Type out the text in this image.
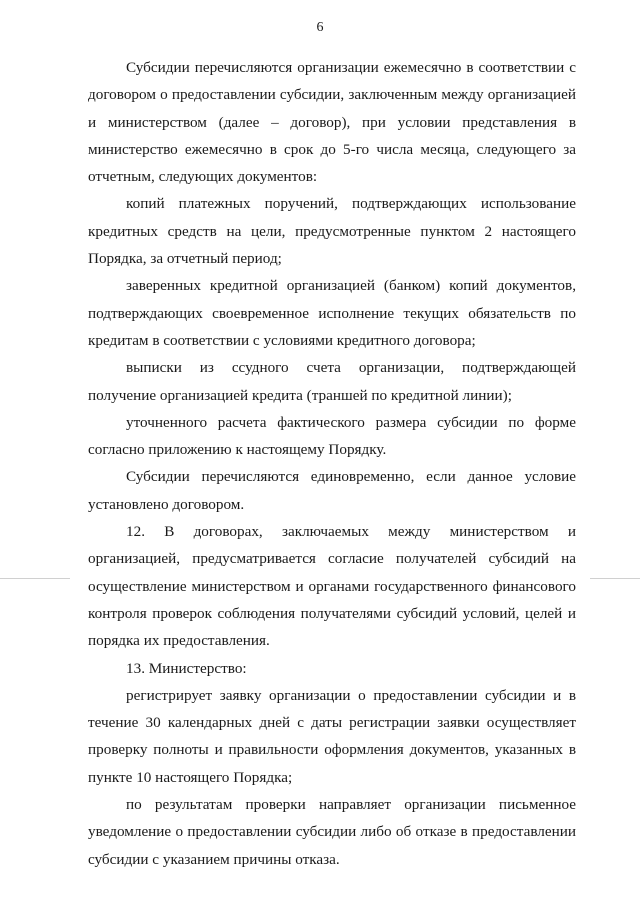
6

Субсидии перечисляются организации ежемесячно в соответствии с договором о предоставлении субсидии, заключенным между организацией и министерством (далее – договор), при условии представления в министерство ежемесячно в срок до 5-го числа месяца, следующего за отчетным, следующих документов:

копий платежных поручений, подтверждающих использование кредитных средств на цели, предусмотренные пунктом 2 настоящего Порядка, за отчетный период;

заверенных кредитной организацией (банком) копий документов, подтверждающих своевременное исполнение текущих обязательств по кредитам в соответствии с условиями кредитного договора;

выписки из ссудного счета организации, подтверждающей получение организацией кредита (траншей по кредитной линии);

уточненного расчета фактического размера субсидии по форме согласно приложению к настоящему Порядку.

Субсидии перечисляются единовременно, если данное условие установлено договором.

12. В договорах, заключаемых между министерством и организацией, предусматривается согласие получателей субсидий на осуществление министерством и органами государственного финансового контроля проверок соблюдения получателями субсидий условий, целей и порядка их предоставления.

13. Министерство:

регистрирует заявку организации о предоставлении субсидии и в течение 30 календарных дней с даты регистрации заявки осуществляет проверку полноты и правильности оформления документов, указанных в пункте 10 настоящего Порядка;

по результатам проверки направляет организации письменное уведомление о предоставлении субсидии либо об отказе в предоставлении субсидии с указанием причины отказа.
